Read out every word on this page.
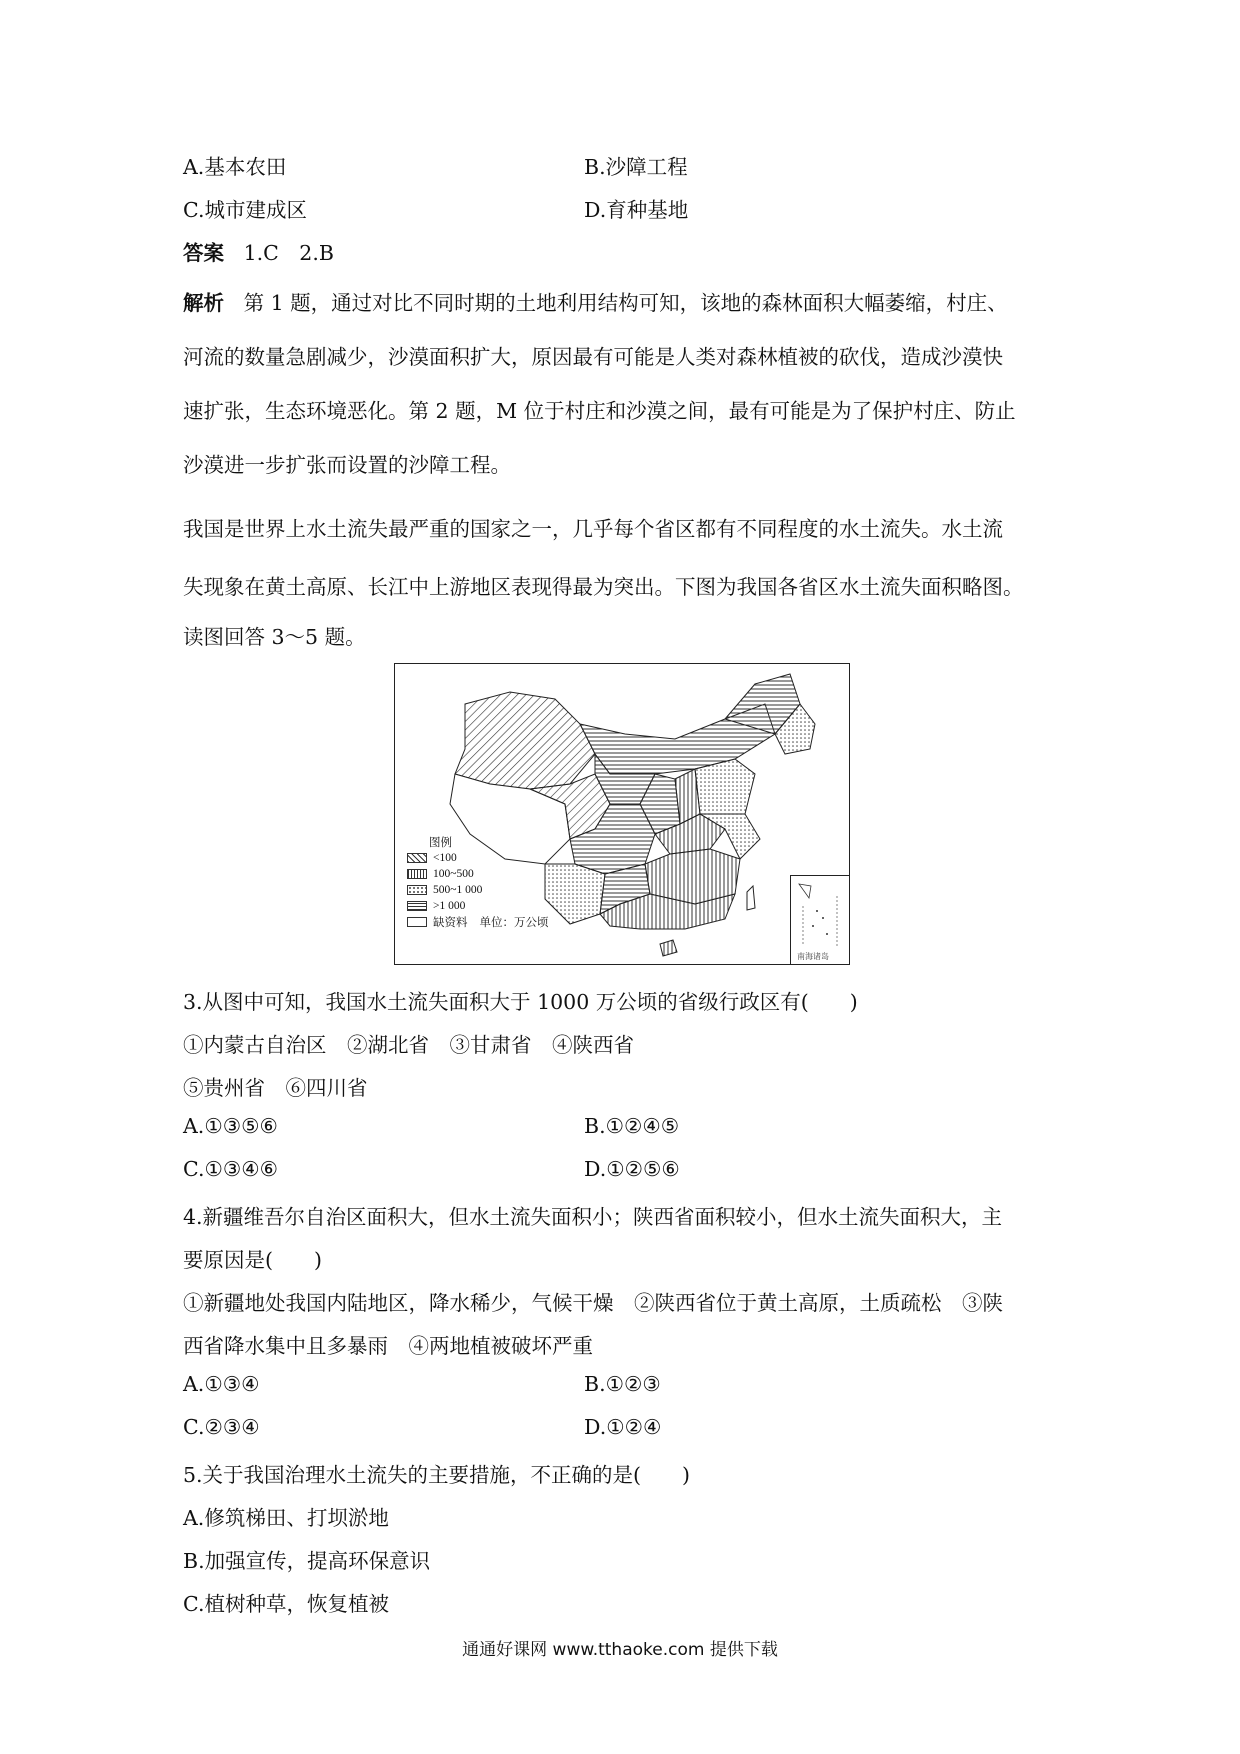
A.基本农田	B.沙障工程
C.城市建成区	D.育种基地
答案 1.C　2.B
解析 第 1 题，通过对比不同时期的土地利用结构可知，该地的森林面积大幅萎缩，村庄、
河流的数量急剧减少，沙漠面积扩大，原因最有可能是人类对森林植被的砍伐，造成沙漠快
速扩张，生态环境恶化。第 2 题，M 位于村庄和沙漠之间，最有可能是为了保护村庄、防止
沙漠进一步扩张而设置的沙障工程。
我国是世界上水土流失最严重的国家之一，几乎每个省区都有不同程度的水土流失。水土流
失现象在黄土高原、长江中上游地区表现得最为突出。下图为我国各省区水土流失面积略图。
读图回答 3～5 题。
图例
<100
100~500
500~1 000
>1 000
缺资料 单位：万公顷
南海诸岛
3.从图中可知，我国水土流失面积大于 1000 万公顷的省级行政区有(　　)
①内蒙古自治区　②湖北省　③甘肃省　④陕西省
⑤贵州省　⑥四川省
A.①③⑤⑥	B.①②④⑤
C.①③④⑥	D.①②⑤⑥
4.新疆维吾尔自治区面积大，但水土流失面积小；陕西省面积较小，但水土流失面积大，主
要原因是(　　)
①新疆地处我国内陆地区，降水稀少，气候干燥　②陕西省位于黄土高原，土质疏松　③陕
西省降水集中且多暴雨　④两地植被破坏严重
A.①③④	B.①②③
C.②③④	D.①②④
5.关于我国治理水土流失的主要措施，不正确的是(　　)
A.修筑梯田、打坝淤地
B.加强宣传，提高环保意识
C.植树种草，恢复植被
通通好课网 www.tthaoke.com 提供下载
